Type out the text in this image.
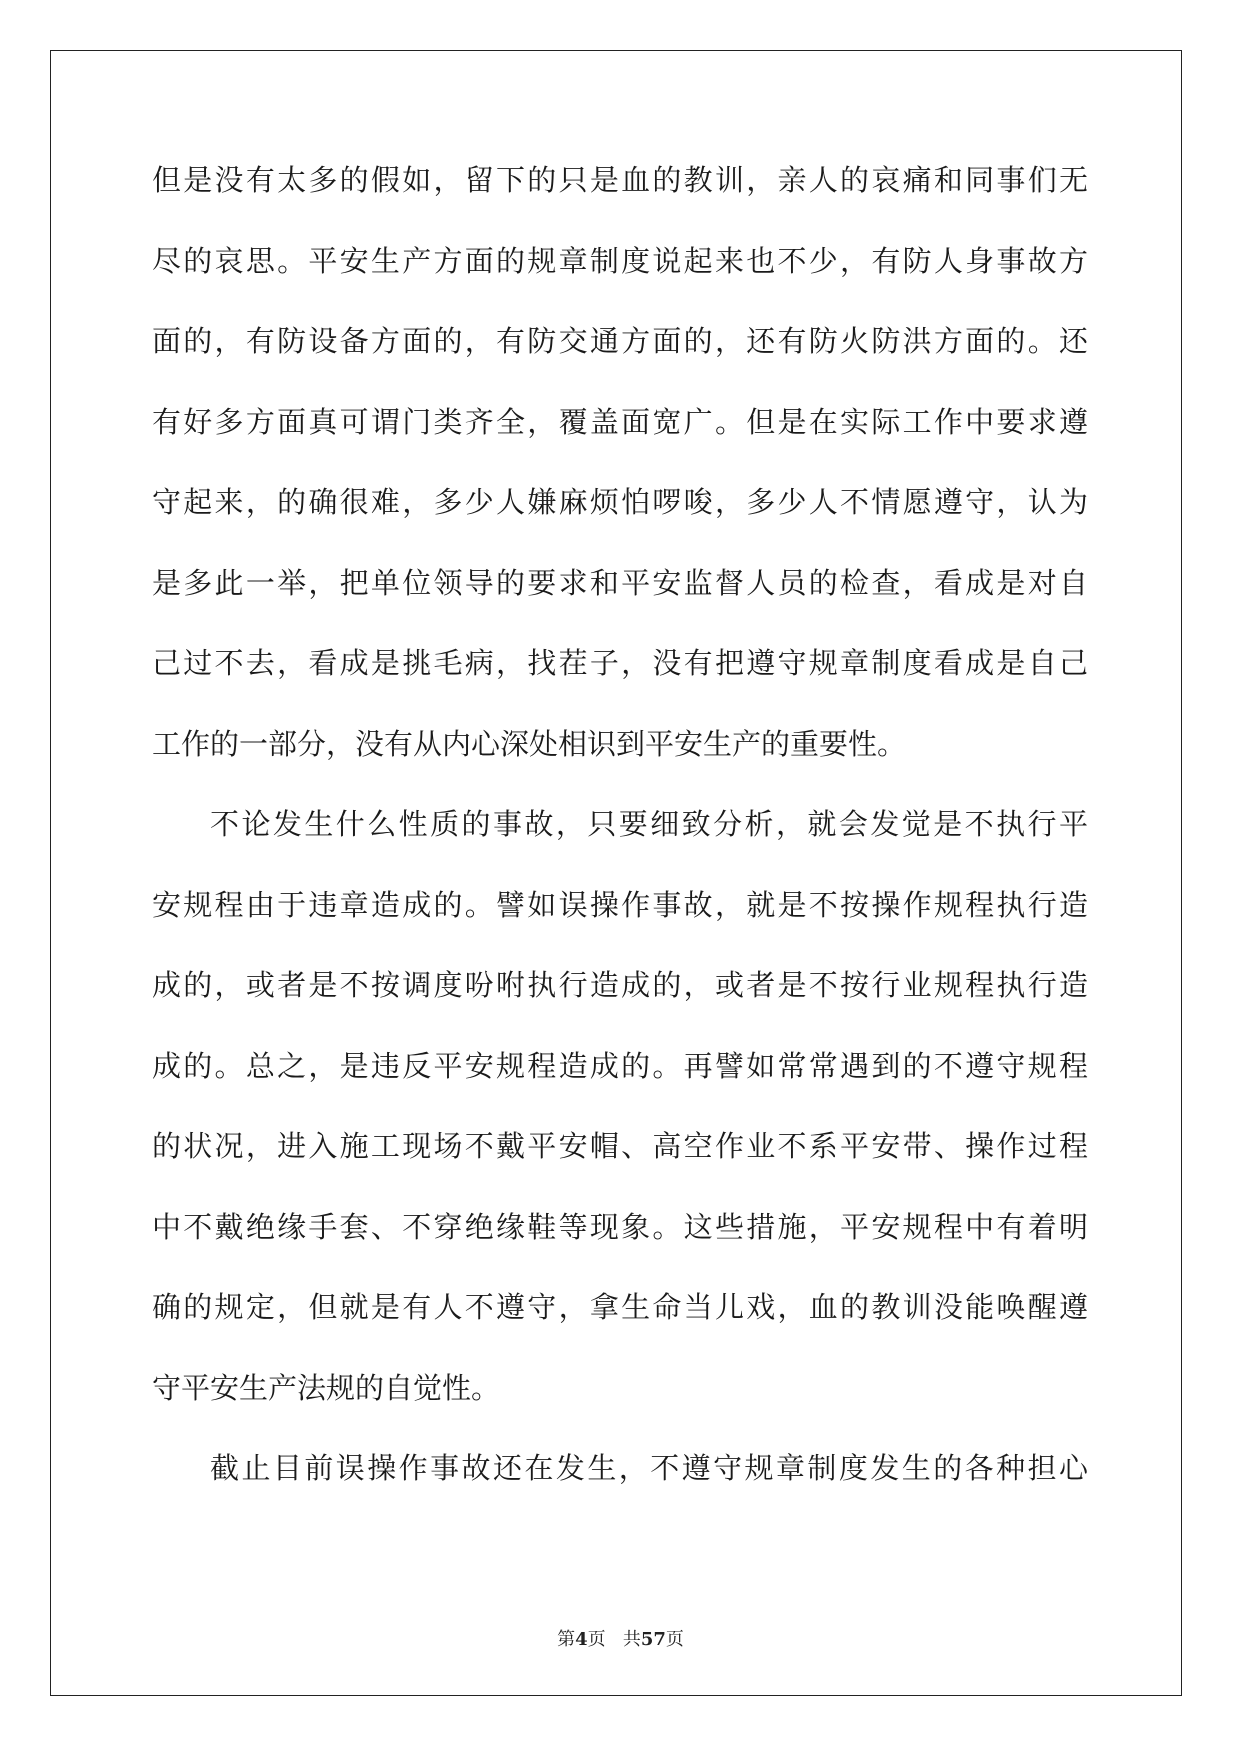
但是没有太多的假如，留下的只是血的教训，亲人的哀痛和同事们无
尽的哀思。平安生产方面的规章制度说起来也不少，有防人身事故方
面的，有防设备方面的，有防交通方面的，还有防火防洪方面的。还
有好多方面真可谓门类齐全，覆盖面宽广。但是在实际工作中要求遵
守起来，的确很难，多少人嫌麻烦怕啰唆，多少人不情愿遵守，认为
是多此一举，把单位领导的要求和平安监督人员的检查，看成是对自
己过不去，看成是挑毛病，找茬子，没有把遵守规章制度看成是自己
工作的一部分，没有从内心深处相识到平安生产的重要性。
不论发生什么性质的事故，只要细致分析，就会发觉是不执行平
安规程由于违章造成的。譬如误操作事故，就是不按操作规程执行造
成的，或者是不按调度吩咐执行造成的，或者是不按行业规程执行造
成的。总之，是违反平安规程造成的。再譬如常常遇到的不遵守规程
的状况，进入施工现场不戴平安帽、高空作业不系平安带、操作过程
中不戴绝缘手套、不穿绝缘鞋等现象。这些措施，平安规程中有着明
确的规定，但就是有人不遵守，拿生命当儿戏，血的教训没能唤醒遵
守平安生产法规的自觉性。
截止目前误操作事故还在发生，不遵守规章制度发生的各种担心
第4页 共57页
